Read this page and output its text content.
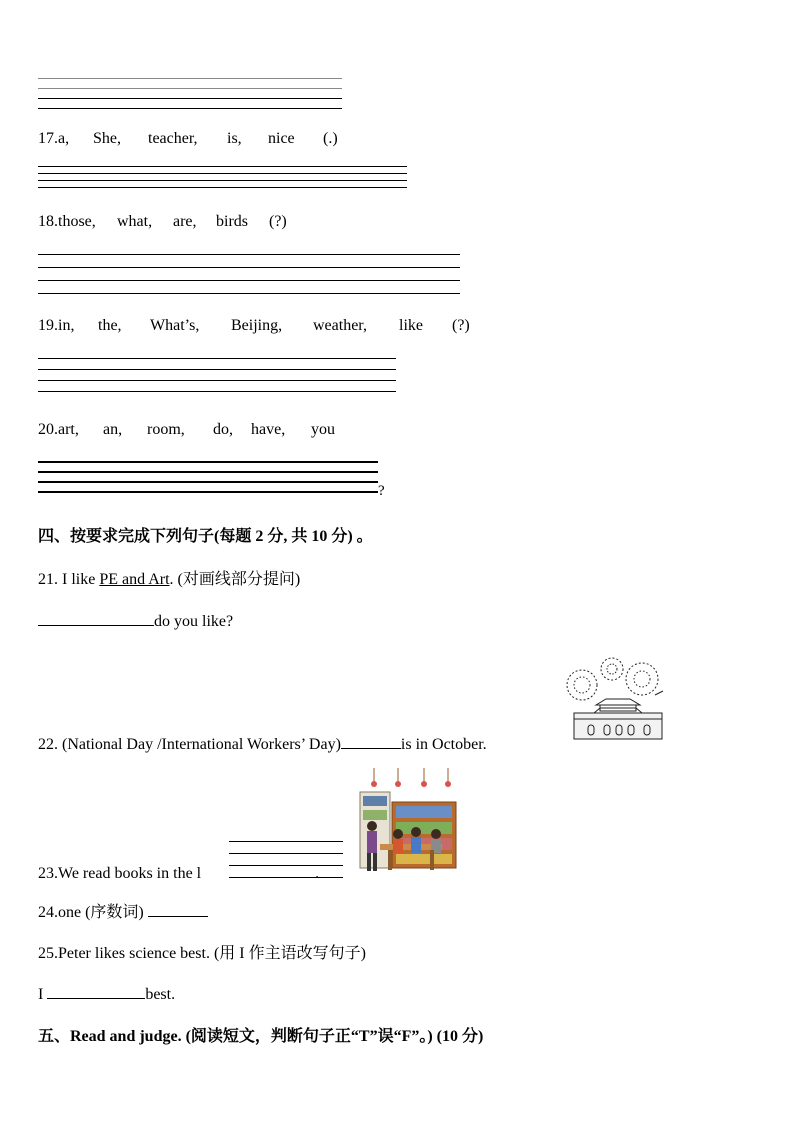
17.a, She, teacher, is, nice (.)
18.those, what, are, birds (?)
19.in, the, What’s, Beijing, weather, like (?)
20.art, an, room, do, have, you
?
四、按要求完成下列句子(每题 2 分, 共 10 分) 。
21. I like PE and Art. (对画线部分提问)
do you like?
22. (National Day /International Workers’ Day)	is in October.
23.We read books in the l	.
24.one (序数词)
25.Peter likes science best. (用 I 作主语改写句子)
I	best.
五、Read and judge. (阅读短文，判断句子正“T”误“F”。) (10 分)
